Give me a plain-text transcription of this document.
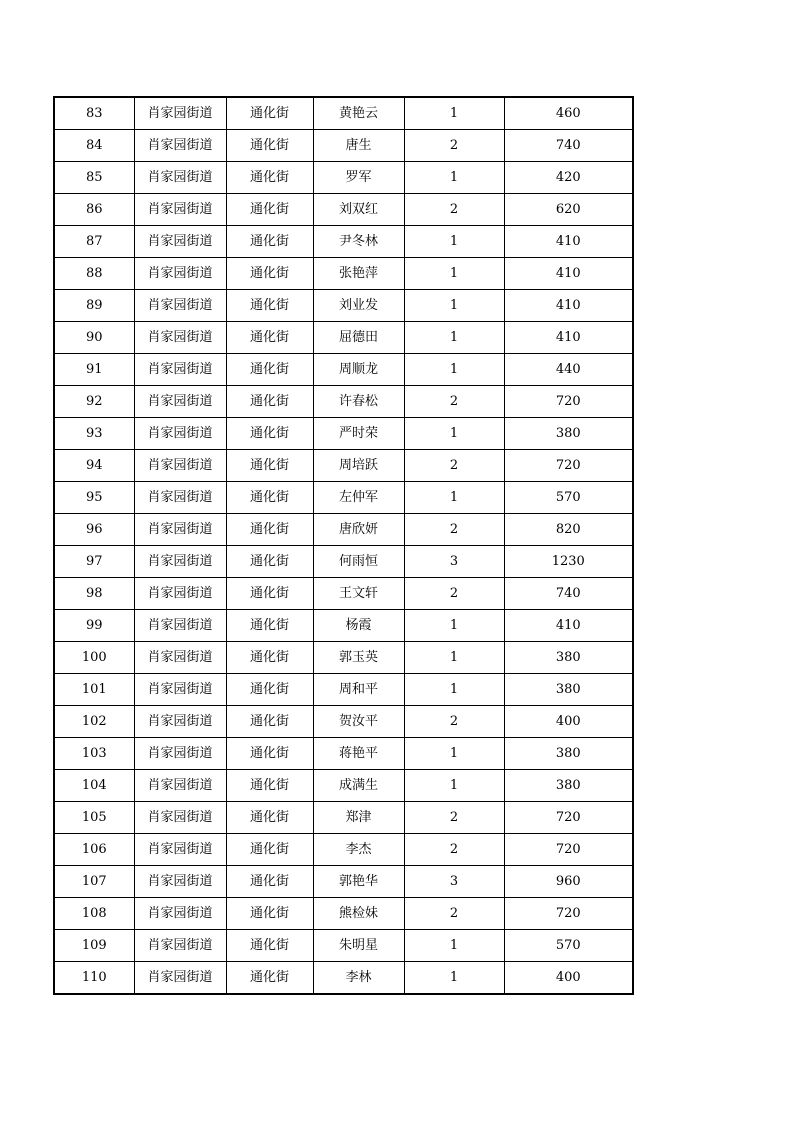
83	肖家园街道	通化街	黄艳云	1	460
84	肖家园街道	通化街	唐生	2	740
85	肖家园街道	通化街	罗军	1	420
86	肖家园街道	通化街	刘双红	2	620
87	肖家园街道	通化街	尹冬林	1	410
88	肖家园街道	通化街	张艳萍	1	410
89	肖家园街道	通化街	刘业发	1	410
90	肖家园街道	通化街	屈德田	1	410
91	肖家园街道	通化街	周顺龙	1	440
92	肖家园街道	通化街	许春松	2	720
93	肖家园街道	通化街	严时荣	1	380
94	肖家园街道	通化街	周培跃	2	720
95	肖家园街道	通化街	左仲军	1	570
96	肖家园街道	通化街	唐欣妍	2	820
97	肖家园街道	通化街	何雨恒	3	1230
98	肖家园街道	通化街	王文轩	2	740
99	肖家园街道	通化街	杨霞	1	410
100	肖家园街道	通化街	郭玉英	1	380
101	肖家园街道	通化街	周和平	1	380
102	肖家园街道	通化街	贺汝平	2	400
103	肖家园街道	通化街	蒋艳平	1	380
104	肖家园街道	通化街	成满生	1	380
105	肖家园街道	通化街	郑津	2	720
106	肖家园街道	通化街	李杰	2	720
107	肖家园街道	通化街	郭艳华	3	960
108	肖家园街道	通化街	熊检妹	2	720
109	肖家园街道	通化街	朱明星	1	570
110	肖家园街道	通化街	李林	1	400
